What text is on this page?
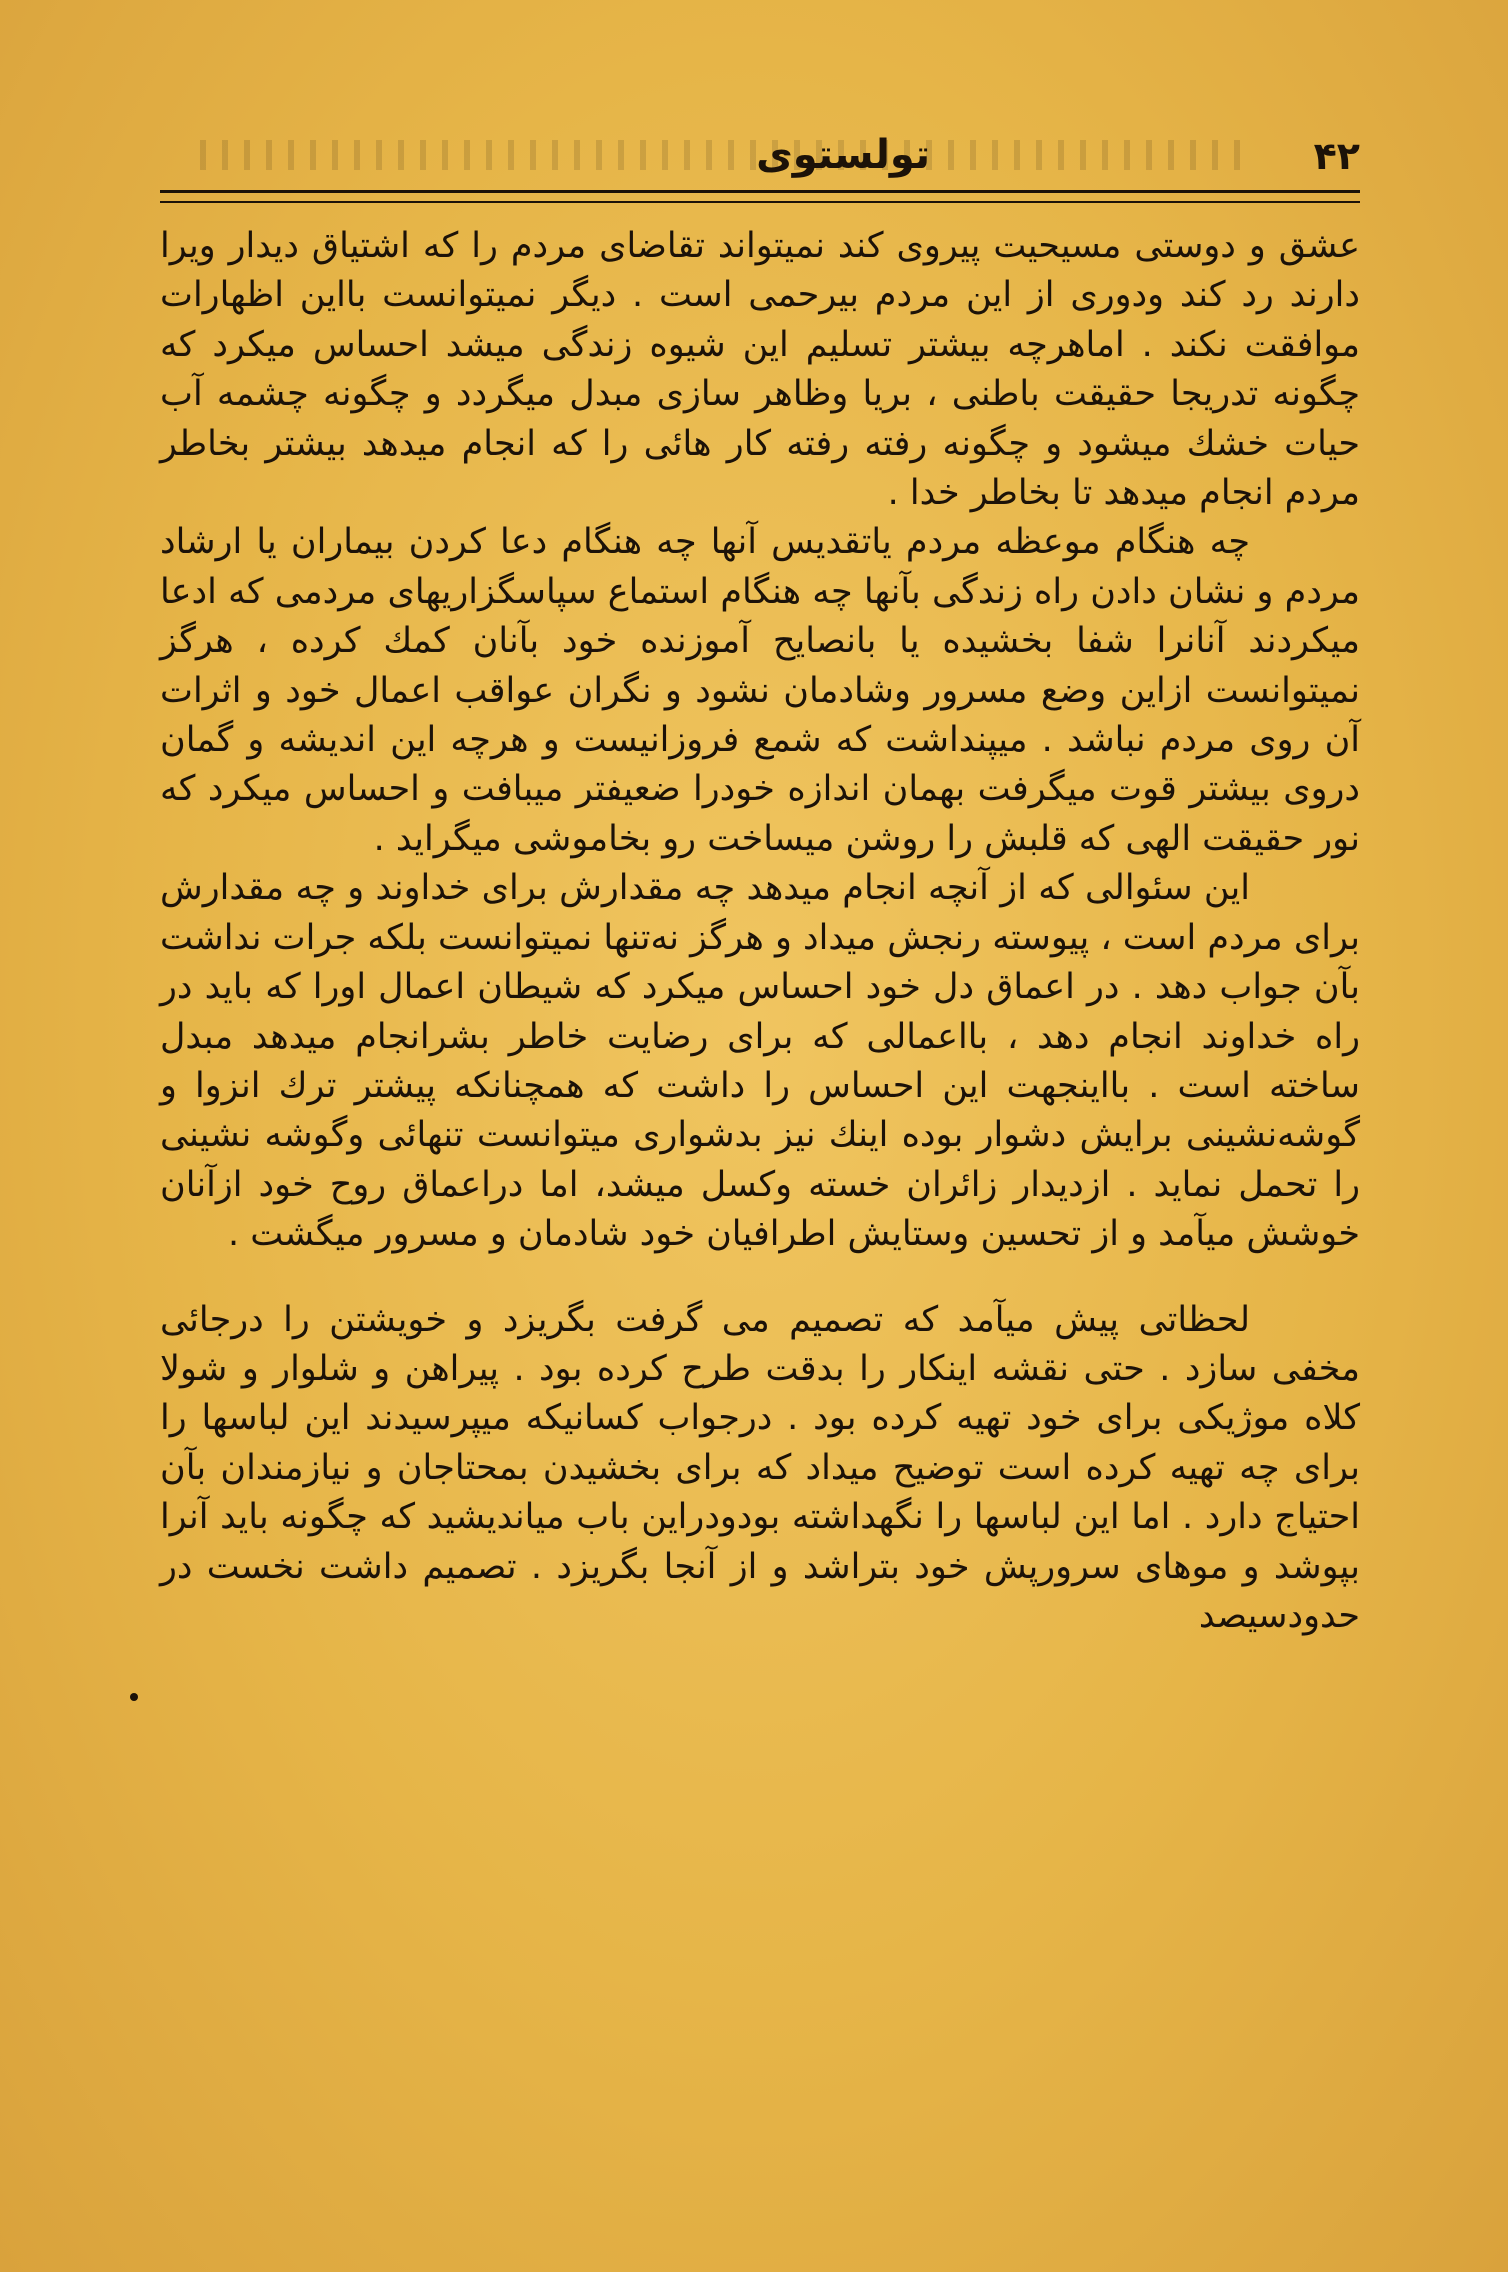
۴۲
تولستوی

عشق و دوستی مسیحیت پیروی کند نمیتواند تقاضای مردم را که اشتیاق دیدار ویرا دارند رد کند ودوری از این مردم بیرحمی است . دیگر نمیتوانست بااین اظهارات موافقت نکند . اماهرچه بیشتر تسلیم این شیوه زندگی میشد احساس میکرد که چگونه تدریجا حقیقت باطنی ، بریا وظاهر سازی مبدل میگردد و چگونه چشمه آب حیات خشك میشود و چگونه رفته رفته کار هائی را که انجام میدهد بیشتر بخاطر مردم انجام میدهد تا بخاطر خدا .

چه هنگام موعظه مردم یاتقدیس آنها چه هنگام دعا کردن بیماران یا ارشاد مردم و نشان دادن راه زندگی بآنها چه هنگام استماع سپاسگزاریهای مردمی که ادعا میکردند آنانرا شفا بخشیده یا بانصایح آموزنده خود بآنان کمك کرده ، هرگز نمیتوانست ازاین وضع مسرور وشادمان نشود و نگران عواقب اعمال خود و اثرات آن روی مردم نباشد . میپنداشت که شمع فروزانیست و هرچه این اندیشه و گمان دروی بیشتر قوت میگرفت بهمان اندازه خودرا ضعیفتر میبافت و احساس میکرد که نور حقیقت الهی که قلبش را روشن میساخت رو بخاموشی میگراید .

این سئوالی که از آنچه انجام میدهد چه مقدارش برای خداوند و چه مقدارش برای مردم است ، پیوسته رنجش میداد و هرگز نه‌تنها نمیتوانست بلکه جرات نداشت بآن جواب دهد . در اعماق دل خود احساس میکرد که شیطان اعمال اورا که باید در راه خداوند انجام دهد ، بااعمالی که برای رضایت خاطر بشرانجام میدهد مبدل ساخته است . بااینجهت این احساس را داشت که همچنانکه پیشتر ترك انزوا و گوشه‌نشینی برایش دشوار بوده اینك نیز بدشواری میتوانست تنهائی وگوشه نشینی را تحمل نماید . ازدیدار زائران خسته وکسل میشد، اما دراعماق روح خود ازآنان خوشش میآمد و از تحسین وستایش اطرافیان خود شادمان و مسرور میگشت .

لحظاتی پیش میآمد که تصمیم می گرفت بگریزد و خویشتن را درجائی مخفی سازد . حتی نقشه اینکار را بدقت طرح کرده بود . پیراهن و شلوار و شولا کلاه موژیکی برای خود تهیه کرده بود . درجواب کسانیکه میپرسیدند این لباسها را برای چه تهیه کرده است توضیح میداد که برای بخشیدن بمحتاجان و نیازمندان بآن احتیاج دارد . اما این لباسها را نگهداشته بودودراین باب میاندیشید که چگونه باید آنرا بپوشد و موهای سرورپش خود بتراشد و از آنجا بگریزد . تصمیم داشت نخست در حدودسیصد
